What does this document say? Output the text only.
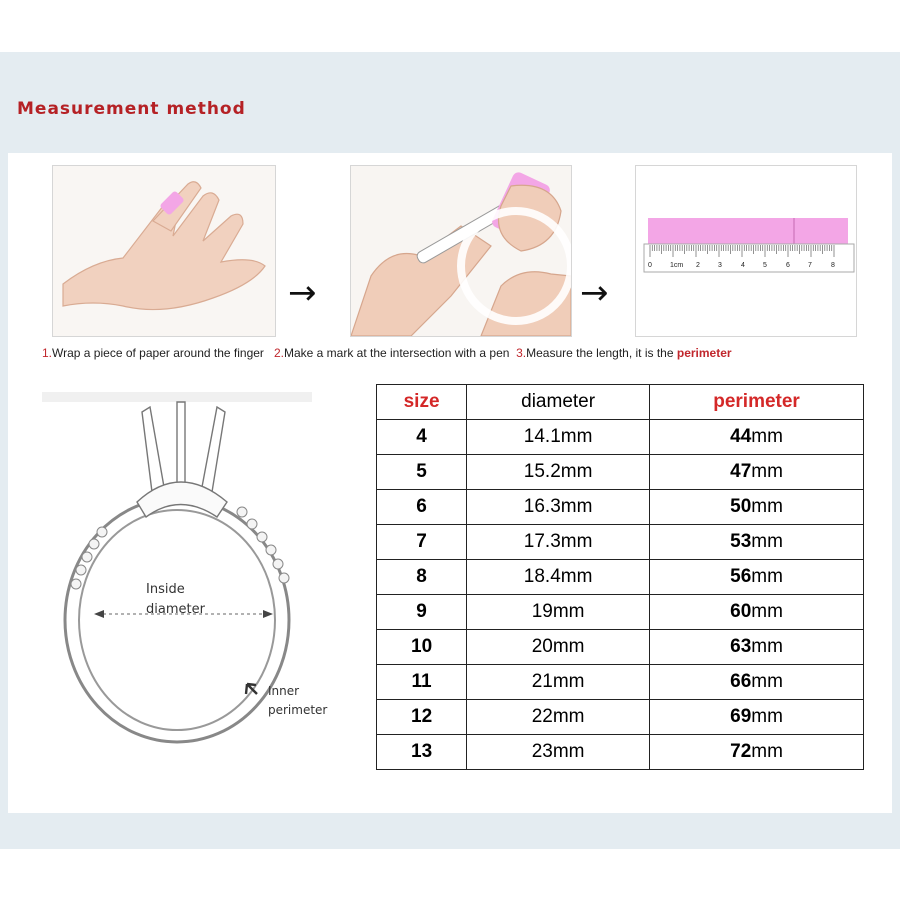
Measurement method
→	→
0	1cm 2	3	4	5	6	7	8
1.Wrap a piece of paper around the finger 2.Make a mark at the intersection with a pen 3.Measure the length, it is the perimeter
Inside
diameter
Inner
perimeter
size	diameter	perimeter
4	14.1mm	44mm
5	15.2mm	47mm
6	16.3mm	50mm
7	17.3mm	53mm
8	18.4mm	56mm
9	19mm	60mm
10	20mm	63mm
11	21mm	66mm
12	22mm	69mm
13	23mm	72mm
